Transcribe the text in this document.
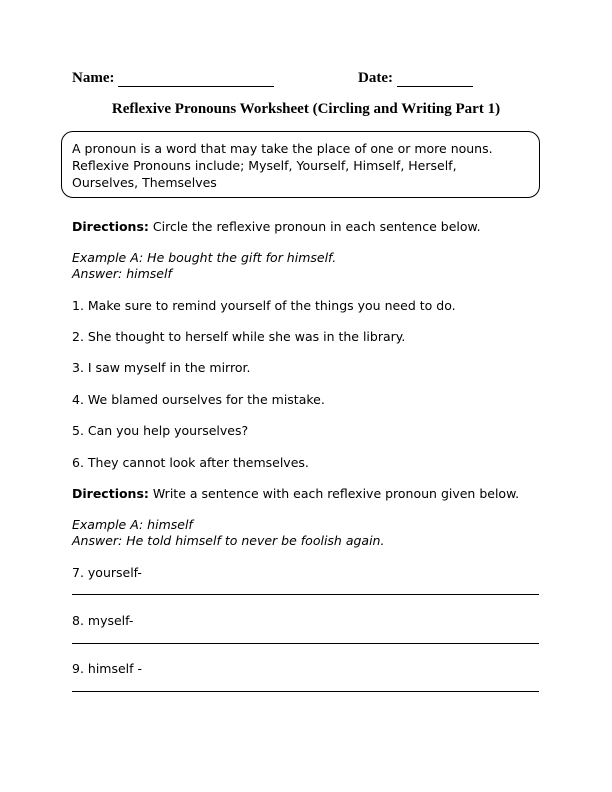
Name:	Date:
Reflexive Pronouns Worksheet (Circling and Writing Part 1)
A pronoun is a word that may take the place of one or more nouns.
Reflexive Pronouns include; Myself, Yourself, Himself, Herself,
Ourselves, Themselves
Directions: Circle the reflexive pronoun in each sentence below.
Example A: He bought the gift for himself.
Answer: himself
1. Make sure to remind yourself of the things you need to do.
2. She thought to herself while she was in the library.
3. I saw myself in the mirror.
4. We blamed ourselves for the mistake.
5. Can you help yourselves?
6. They cannot look after themselves.
Directions: Write a sentence with each reflexive pronoun given below.
Example A: himself
Answer: He told himself to never be foolish again.
7. yourself-
8. myself-
9. himself -
